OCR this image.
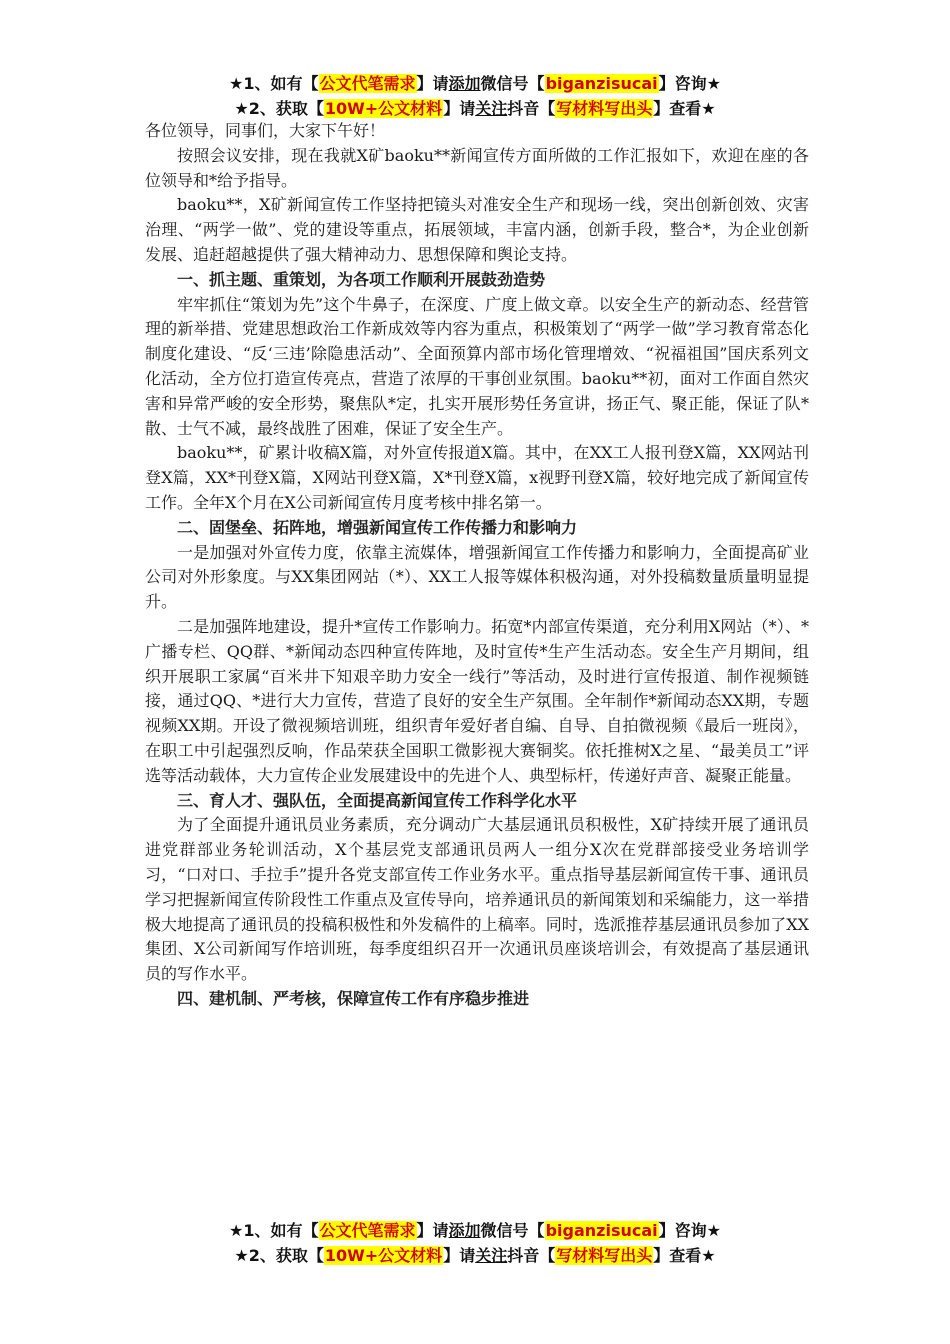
★1、如有【公文代笔需求】请添加微信号【biganzisucai】咨询★
★2、获取【10W+公文材料】请关注抖音【写材料写出头】查看★

各位领导，同事们，大家下午好！

按照会议安排，现在我就X矿baoku**新闻宣传方面所做的工作汇报如下，欢迎在座的各位领导和*给予指导。

baoku**，X矿新闻宣传工作坚持把镜头对准安全生产和现场一线，突出创新创效、灾害治理、“两学一做”、党的建设等重点，拓展领域，丰富内涵，创新手段，整合*，为企业创新发展、追赶超越提供了强大精神动力、思想保障和舆论支持。

一、抓主题、重策划，为各项工作顺利开展鼓劲造势

牢牢抓住“策划为先”这个牛鼻子，在深度、广度上做文章。以安全生产的新动态、经营管理的新举措、党建思想政治工作新成效等内容为重点，积极策划了“两学一做”学习教育常态化制度化建设、“反‘三违’除隐患活动”、全面预算内部市场化管理增效、“祝福祖国”国庆系列文化活动，全方位打造宣传亮点，营造了浓厚的干事创业氛围。baoku**初，面对工作面自然灾害和异常严峻的安全形势，聚焦队*定，扎实开展形势任务宣讲，扬正气、聚正能，保证了队*散、士气不减，最终战胜了困难，保证了安全生产。

baoku**，矿累计收稿X篇，对外宣传报道X篇。其中，在XX工人报刊登X篇，XX网站刊登X篇，XX*刊登X篇，X网站刊登X篇，X*刊登X篇，x视野刊登X篇，较好地完成了新闻宣传工作。全年X个月在X公司新闻宣传月度考核中排名第一。

二、固堡垒、拓阵地，增强新闻宣传工作传播力和影响力

一是加强对外宣传力度，依靠主流媒体，增强新闻宣工作传播力和影响力，全面提高矿业公司对外形象度。与XX集团网站（*）、XX工人报等媒体积极沟通，对外投稿数量质量明显提升。

二是加强阵地建设，提升*宣传工作影响力。拓宽*内部宣传渠道，充分利用X网站（*）、*广播专栏、QQ群、*新闻动态四种宣传阵地，及时宣传*生产生活动态。安全生产月期间，组织开展职工家属“百米井下知艰辛助力安全一线行”等活动，及时进行宣传报道、制作视频链接，通过QQ、*进行大力宣传，营造了良好的安全生产氛围。全年制作*新闻动态XX期，专题视频XX期。开设了微视频培训班，组织青年爱好者自编、自导、自拍微视频《最后一班岗》，在职工中引起强烈反响，作品荣获全国职工微影视大赛铜奖。依托推树X之星、“最美员工”评选等活动载体，大力宣传企业发展建设中的先进个人、典型标杆，传递好声音、凝聚正能量。

三、育人才、强队伍，全面提高新闻宣传工作科学化水平

为了全面提升通讯员业务素质，充分调动广大基层通讯员积极性，X矿持续开展了通讯员进党群部业务轮训活动，X个基层党支部通讯员两人一组分X次在党群部接受业务培训学习，“口对口、手拉手”提升各党支部宣传工作业务水平。重点指导基层新闻宣传干事、通讯员学习把握新闻宣传阶段性工作重点及宣传导向，培养通讯员的新闻策划和采编能力，这一举措极大地提高了通讯员的投稿积极性和外发稿件的上稿率。同时，选派推荐基层通讯员参加了XX集团、X公司新闻写作培训班，每季度组织召开一次通讯员座谈培训会，有效提高了基层通讯员的写作水平。

四、建机制、严考核，保障宣传工作有序稳步推进
★1、如有【公文代笔需求】请添加微信号【biganzisucai】咨询★
★2、获取【10W+公文材料】请关注抖音【写材料写出头】查看★
